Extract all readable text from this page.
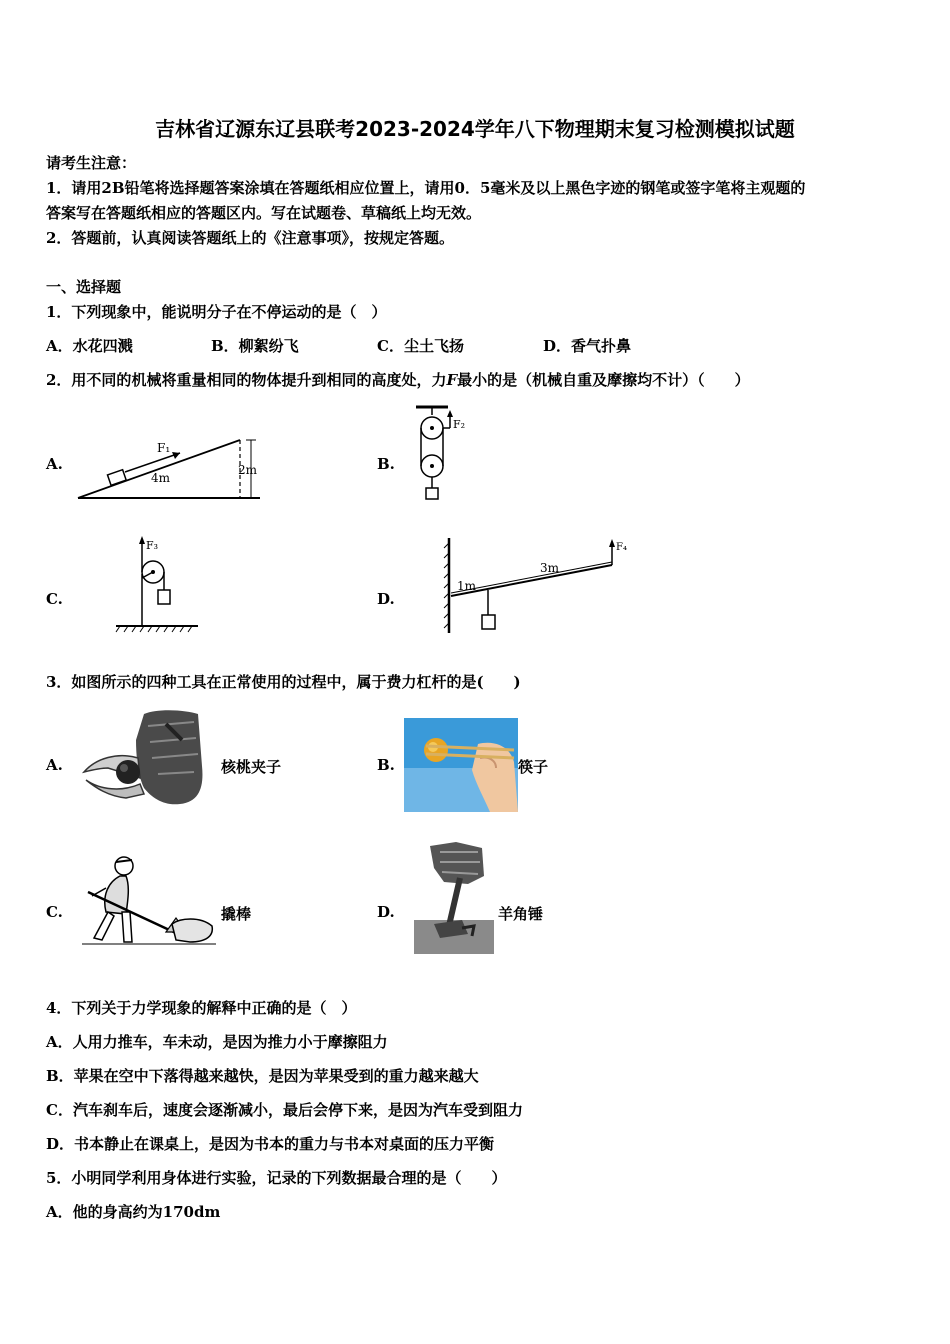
吉林省辽源东辽县联考2023-2024学年八下物理期末复习检测模拟试题
请考生注意：
1．请用2B铅笔将选择题答案涂填在答题纸相应位置上，请用0．5毫米及以上黑色字迹的钢笔或签字笔将主观题的
答案写在答题纸相应的答题区内。写在试题卷、草稿纸上均无效。
2．答题前，认真阅读答题纸上的《注意事项》，按规定答题。
一、选择题
1．下列现象中，能说明分子在不停运动的是（　）
A．水花四溅	B．柳絮纷飞	C．尘土飞扬	D．香气扑鼻
2．用不同的机械将重量相同的物体提升到相同的高度处，力F最小的是（机械自重及摩擦均不计）（　　）
A.
F₁
4m
2m	B.
F₂
C.
F₃
D.
F₄
1m
3m
3．如图所示的四种工具在正常使用的过程中，属于费力杠杆的是(　　)
A.	核桃夹子	B.	筷子
C.	撬棒	D.	羊角锤
4．下列关于力学现象的解释中正确的是（　）
A．人用力推车，车未动，是因为推力小于摩擦阻力
B．苹果在空中下落得越来越快，是因为苹果受到的重力越来越大
C．汽车刹车后，速度会逐渐减小，最后会停下来，是因为汽车受到阻力
D．书本静止在课桌上，是因为书本的重力与书本对桌面的压力平衡
5．小明同学利用身体进行实验，记录的下列数据最合理的是（　　）
A．他的身高约为170dm
